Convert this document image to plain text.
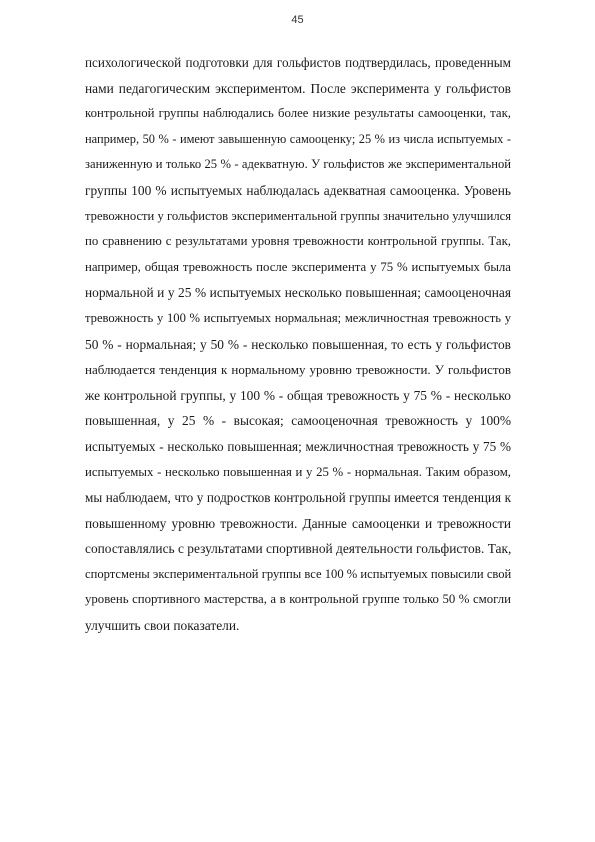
45
психологической подготовки для гольфистов подтвердилась, проведенным
нами педагогическим экспериментом. После эксперимента у гольфистов
контрольной группы наблюдались более низкие результаты самооценки, так,
например, 50 % - имеют завышенную самооценку; 25 % из числа испытуемых -
заниженную и только 25 % - адекватную. У гольфистов же экспериментальной
группы 100 % испытуемых наблюдалась адекватная самооценка. Уровень
тревожности у гольфистов экспериментальной группы значительно улучшился
по сравнению с результатами уровня тревожности контрольной группы. Так,
например, общая тревожность после эксперимента у 75 % испытуемых была
нормальной и у 25 % испытуемых несколько повышенная; самооценочная
тревожность у 100 % испытуемых нормальная; межличностная тревожность у
50 % - нормальная; у 50 % - несколько повышенная, то есть у гольфистов
наблюдается тенденция к нормальному уровню тревожности. У гольфистов
же контрольной группы, у 100 % - общая тревожность у 75 % - несколько
повышенная, у 25 % - высокая; самооценочная тревожность у 100%
испытуемых - несколько повышенная; межличностная тревожность у 75 %
испытуемых - несколько повышенная и у 25 % - нормальная. Таким образом,
мы наблюдаем, что у подростков контрольной группы имеется тенденция к
повышенному уровню тревожности. Данные самооценки и тревожности
сопоставлялись с результатами спортивной деятельности гольфистов. Так,
спортсмены экспериментальной группы все 100 % испытуемых повысили свой
уровень спортивного мастерства, а в контрольной группе только 50 % смогли
улучшить свои показатели.
